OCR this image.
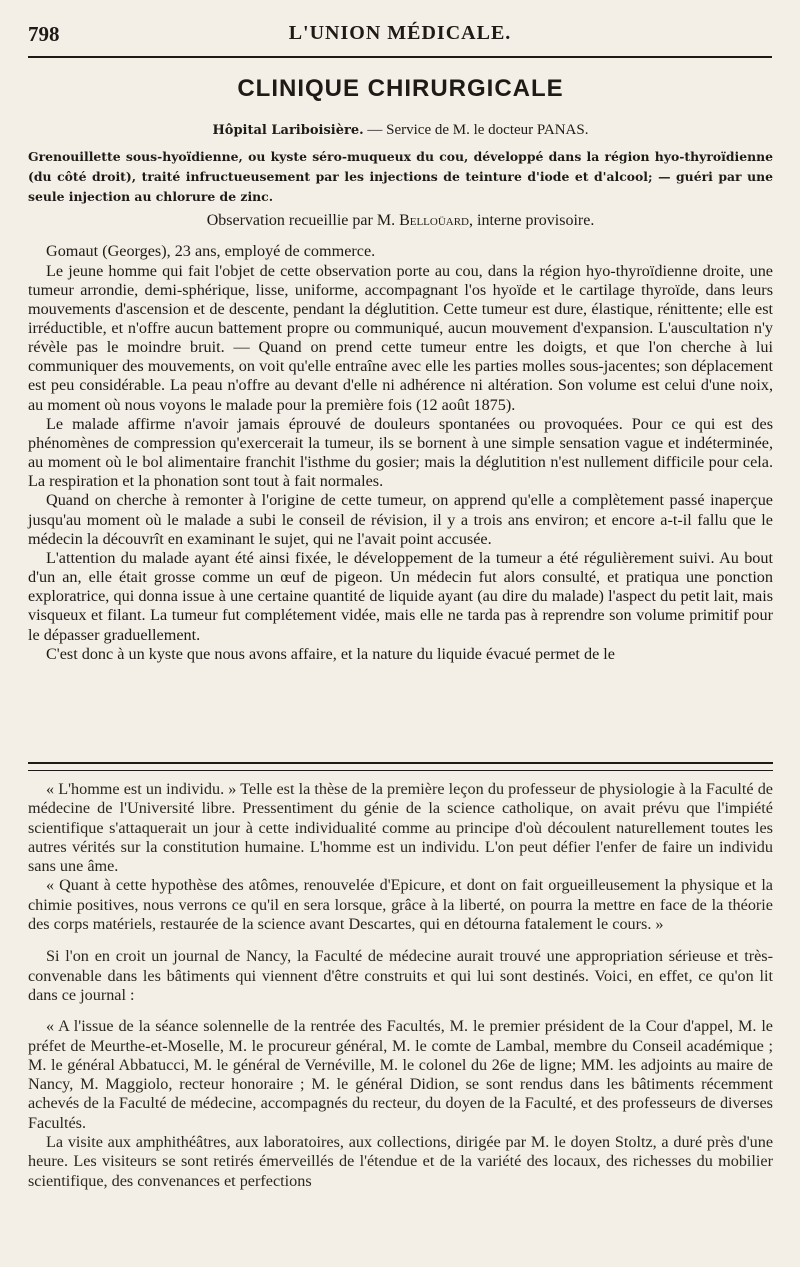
798	L'UNION MÉDICALE.
CLINIQUE CHIRURGICALE

Hôpital Lariboisière. — Service de M. le docteur PANAS.

Grenouillette sous-hyoïdienne, ou kyste séro-muqueux du cou, développé dans la région hyo-thyroïdienne (du côté droit), traité infructueusement par les injections de teinture d'iode et d'alcool; — guéri par une seule injection au chlorure de zinc.

Observation recueillie par M. Belloüard, interne provisoire.

Gomaut (Georges), 23 ans, employé de commerce.

Le jeune homme qui fait l'objet de cette observation porte au cou, dans la région hyo-thyroïdienne droite, une tumeur arrondie, demi-sphérique, lisse, uniforme, accompagnant l'os hyoïde et le cartilage thyroïde, dans leurs mouvements d'ascension et de descente, pendant la déglutition. Cette tumeur est dure, élastique, rénittente; elle est irréductible, et n'offre aucun battement propre ou communiqué, aucun mouvement d'expansion. L'auscultation n'y révèle pas le moindre bruit. — Quand on prend cette tumeur entre les doigts, et que l'on cherche à lui communiquer des mouvements, on voit qu'elle entraîne avec elle les parties molles sous-jacentes; son déplacement est peu considérable. La peau n'offre au devant d'elle ni adhérence ni altération. Son volume est celui d'une noix, au moment où nous voyons le malade pour la première fois (12 août 1875).

Le malade affirme n'avoir jamais éprouvé de douleurs spontanées ou provoquées. Pour ce qui est des phénomènes de compression qu'exercerait la tumeur, ils se bornent à une simple sensation vague et indéterminée, au moment où le bol alimentaire franchit l'isthme du gosier; mais la déglutition n'est nullement difficile pour cela. La respiration et la phonation sont tout à fait normales.

Quand on cherche à remonter à l'origine de cette tumeur, on apprend qu'elle a complètement passé inaperçue jusqu'au moment où le malade a subi le conseil de révision, il y a trois ans environ; et encore a-t-il fallu que le médecin la découvrît en examinant le sujet, qui ne l'avait point accusée.

L'attention du malade ayant été ainsi fixée, le développement de la tumeur a été régulièrement suivi. Au bout d'un an, elle était grosse comme un œuf de pigeon. Un médecin fut alors consulté, et pratiqua une ponction exploratrice, qui donna issue à une certaine quantité de liquide ayant (au dire du malade) l'aspect du petit lait, mais visqueux et filant. La tumeur fut complétement vidée, mais elle ne tarda pas à reprendre son volume primitif pour le dépasser graduellement.

C'est donc à un kyste que nous avons affaire, et la nature du liquide évacué permet de le

« L'homme est un individu. » Telle est la thèse de la première leçon du professeur de physiologie à la Faculté de médecine de l'Université libre. Pressentiment du génie de la science catholique, on avait prévu que l'impiété scientifique s'attaquerait un jour à cette individualité comme au principe d'où découlent naturellement toutes les autres vérités sur la constitution humaine. L'homme est un individu. L'on peut défier l'enfer de faire un individu sans une âme.

« Quant à cette hypothèse des atômes, renouvelée d'Epicure, et dont on fait orgueilleusement la physique et la chimie positives, nous verrons ce qu'il en sera lorsque, grâce à la liberté, on pourra la mettre en face de la théorie des corps matériels, restaurée de la science avant Descartes, qui en détourna fatalement le cours. »

Si l'on en croit un journal de Nancy, la Faculté de médecine aurait trouvé une appropriation sérieuse et très-convenable dans les bâtiments qui viennent d'être construits et qui lui sont destinés. Voici, en effet, ce qu'on lit dans ce journal :

« A l'issue de la séance solennelle de la rentrée des Facultés, M. le premier président de la Cour d'appel, M. le préfet de Meurthe-et-Moselle, M. le procureur général, M. le comte de Lambal, membre du Conseil académique ; M. le général Abbatucci, M. le général de Vernéville, M. le colonel du 26e de ligne; MM. les adjoints au maire de Nancy, M. Maggiolo, recteur honoraire ; M. le général Didion, se sont rendus dans les bâtiments récemment achevés de la Faculté de médecine, accompagnés du recteur, du doyen de la Faculté, et des professeurs de diverses Facultés.

La visite aux amphithéâtres, aux laboratoires, aux collections, dirigée par M. le doyen Stoltz, a duré près d'une heure. Les visiteurs se sont retirés émerveillés de l'étendue et de la variété des locaux, des richesses du mobilier scientifique, des convenances et perfections
